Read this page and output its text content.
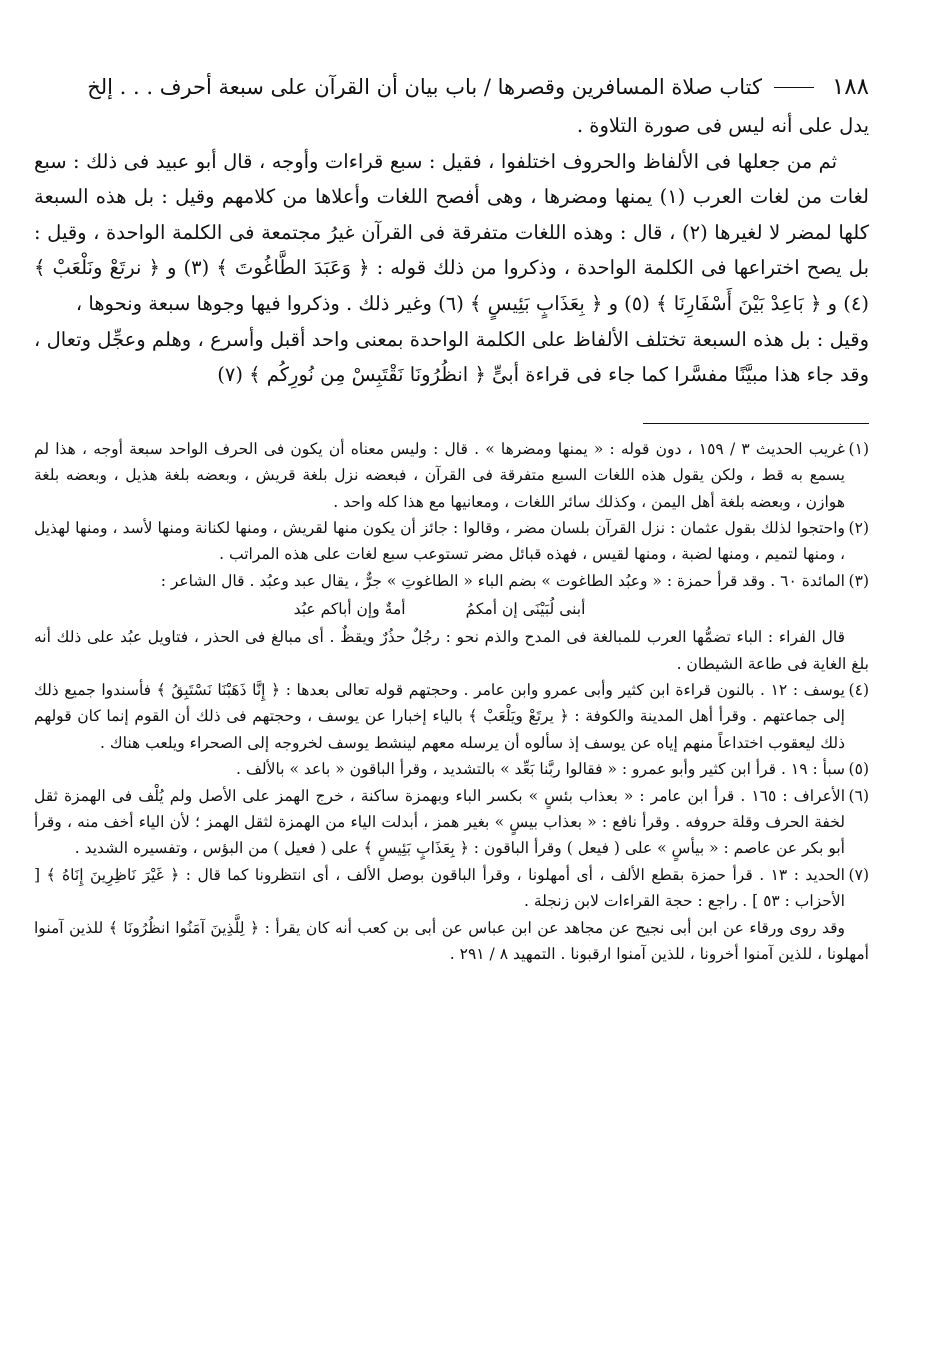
١٨٨
كتاب صلاة المسافرين وقصرها / باب بيان أن القرآن على سبعة أحرف . . . إلخ

يدل على أنه ليس فى صورة التلاوة .

ثم من جعلها فى الألفاظ والحروف اختلفوا ، فقيل : سبع قراءات وأوجه ، قال أبو عبيد فى ذلك : سبع لغات من لغات العرب (١) يمنها ومضرها ، وهى أفصح اللغات وأعلاها من كلامهم وقيل : بل هذه السبعة كلها لمضر لا لغيرها (٢) ، قال : وهذه اللغات متفرقة فى القرآن غيرُ مجتمعة فى الكلمة الواحدة ، وقيل : بل يصح اختراعها فى الكلمة الواحدة ، وذكروا من ذلك قوله : ﴿ وَعَبَدَ الطَّاغُوتَ ﴾ (٣) و ﴿ نرتَعْ ونَلْعَبْ ﴾ (٤) و ﴿ بَاعِدْ بَيْنَ أَسْفَارِنَا ﴾ (٥) و ﴿ بِعَذَابٍ بَئِيسٍ ﴾ (٦) وغير ذلك . وذكروا فيها وجوها سبعة ونحوها ،

وقيل : بل هذه السبعة تختلف الألفاظ على الكلمة الواحدة بمعنى واحد أقبل وأسرع ، وهلم وعجِّل وتعال ، وقد جاء هذا مبيَّنًا مفسَّرا كما جاء فى قراءة أبىٍّ ﴿ انظُرُونَا نَقْتَبِسْ مِن نُورِكُم ﴾ (٧)

(١)

غريب الحديث ٣ / ١٥٩ ، دون قوله : « يمنها ومضرها » . قال : وليس معناه أن يكون فى الحرف الواحد سبعة أوجه ، هذا لم يسمع به قط ، ولكن يقول هذه اللغات السبع متفرقة فى القرآن ، فبعضه نزل بلغة قريش ، وبعضه بلغة هذيل ، وبعضه بلغة هوازن ، وبعضه بلغة أهل اليمن ، وكذلك سائر اللغات ، ومعانيها مع هذا كله واحد .

(٢)

واحتجوا لذلك بقول عثمان : نزل القرآن بلسان مضر ، وقالوا : جائز أن يكون منها لقريش ، ومنها لكنانة ومنها لأسد ، ومنها لهذيل ، ومنها لتميم ، ومنها لضبة ، ومنها لقيس ، فهذه قبائل مضر تستوعب سبع لغات على هذه المراتب .

(٣)

المائدة ٦٠ . وقد قرأ حمزة : « وعبُد الطاغوت » بضم الباء « الطاغوتِ » جرٌّ ، يقال عبد وعبُد . قال الشاعر :

أبنى لُبَيْنَى إن أمكمُ
أمةٌ وإن أباكم عبُد

قال الفراء : الباء تضمُّها العرب للمبالغة فى المدح والذم نحو : رجُلٌ حذُرٌ ويقظٌ . أى مبالغ فى الحذر ، فتاويل عبُد على ذلك أنه بلغ الغاية فى طاعة الشيطان .

(٤)

يوسف : ١٢ . بالنون قراءة ابن كثير وأبى عمرو وابن عامر . وحجتهم قوله تعالى بعدها : ﴿ إِنَّا ذَهَبْنَا نَسْتَبِقُ ﴾ فأسندوا جميع ذلك إلى جماعتهم . وقرأ أهل المدينة والكوفة : ﴿ يرتَعْ ويَلْعَبْ ﴾ بالياء إخبارا عن يوسف ، وحجتهم فى ذلك أن القوم إنما كان قولهم ذلك ليعقوب اختداعاً منهم إياه عن يوسف إذ سألوه أن يرسله معهم لينشط يوسف لخروجه إلى الصحراء ويلعب هناك .

(٥)

سبأ : ١٩ . قرأ ابن كثير وأبو عمرو : « فقالوا ربَّنا بَعِّد » بالتشديد ، وقرأ الباقون « باعد » بالألف .

(٦)

الأعراف : ١٦٥ . قرأ ابن عامر : « بعذاب بئسٍ » بكسر الباء وبهمزة ساكنة ، خرج الهمز على الأصل ولم يُلْف فى الهمزة ثقل لخفة الحرف وقلة حروفه . وقرأ نافع : « بعذاب بيسٍ » بغير همز ، أبدلت الياء من الهمزة لثقل الهمز ؛ لأن الياء أخف منه ، وقرأ أبو بكر عن عاصم : « بيأسٍ » على ( فيعل ) وقرأ الباقون : ﴿ بِعَذَابٍ بَئِيسٍ ﴾ على ( فعيل ) من البؤس ، وتفسيره الشديد .

(٧)

الحديد : ١٣ . قرأ حمزة بقطع الألف ، أى أمهلونا ، وقرأ الباقون بوصل الألف ، أى انتظرونا كما قال : ﴿ غَيْرَ نَاظِرِينَ إِنَاهُ ﴾ [ الأحزاب : ٥٣ ] . راجع : حجة القراءات لابن زنجلة .

وقد روى ورقاء عن ابن أبى نجيح عن مجاهد عن ابن عباس عن أبى بن كعب أنه كان يقرأ : ﴿ لِلَّذِينَ آمَنُوا انظُرُونَا ﴾ للذين آمنوا أمهلونا ، للذين آمنوا أخرونا ، للذين آمنوا ارقبونا . التمهيد ٨ / ٢٩١ .
